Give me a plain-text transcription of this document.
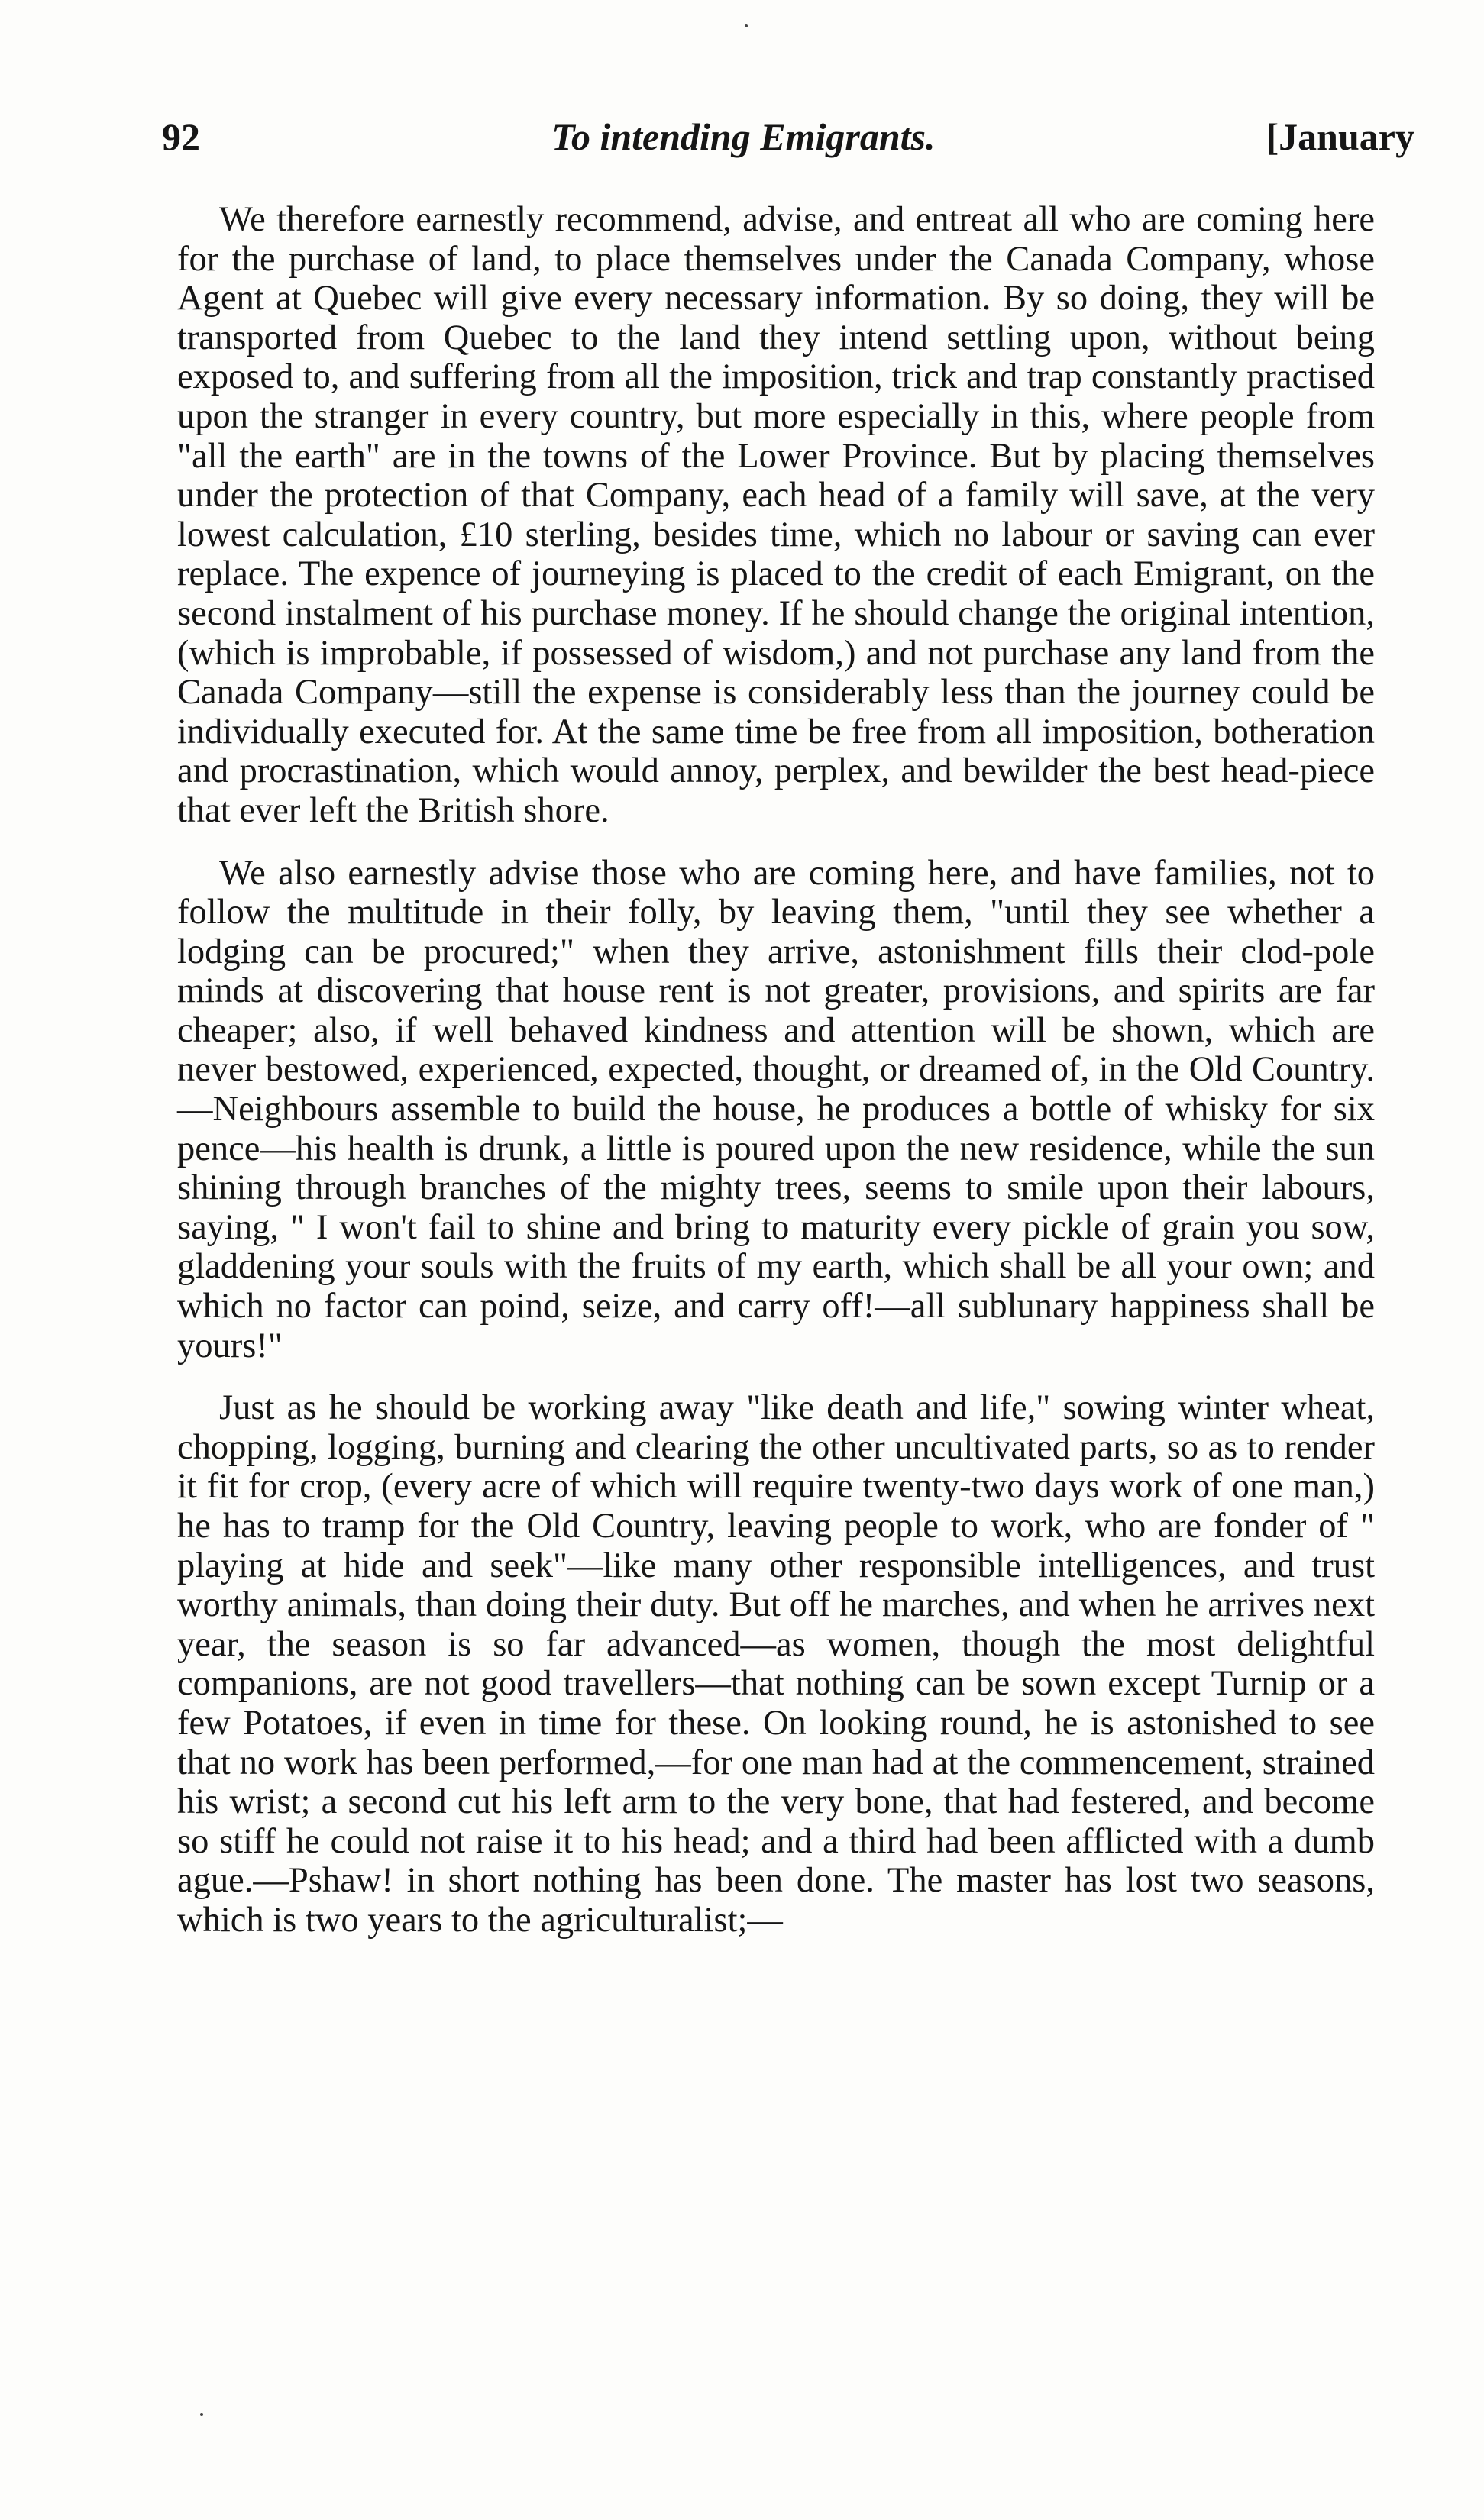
92	To intending Emigrants.	[January

We therefore earnestly recommend, advise, and entreat all who are coming here for the purchase of land, to place themselves under the Canada Company, whose Agent at Quebec will give every necessary information. By so doing, they will be transported from Quebec to the land they intend settling upon, without being exposed to, and suffering from all the imposition, trick and trap constantly practised upon the stranger in every country, but more especially in this, where people from "all the earth" are in the towns of the Lower Province. But by placing themselves under the protection of that Company, each head of a family will save, at the very lowest calculation, £10 sterling, besides time, which no labour or saving can ever replace. The expence of journeying is placed to the credit of each Emigrant, on the second instalment of his purchase money. If he should change the original intention, (which is improbable, if possessed of wisdom,) and not purchase any land from the Canada Company—still the expense is considerably less than the journey could be individually executed for. At the same time be free from all imposition, botheration and procrastination, which would annoy, perplex, and bewilder the best head-piece that ever left the British shore.

We also earnestly advise those who are coming here, and have families, not to follow the multitude in their folly, by leaving them, "until they see whether a lodging can be procured;" when they arrive, astonishment fills their clod-pole minds at discovering that house rent is not greater, provisions, and spirits are far cheaper; also, if well behaved kindness and attention will be shown, which are never bestowed, experienced, expected, thought, or dreamed of, in the Old Country.—Neighbours assemble to build the house, he produces a bottle of whisky for six pence—his health is drunk, a little is poured upon the new residence, while the sun shining through branches of the mighty trees, seems to smile upon their labours, saying, " I won't fail to shine and bring to maturity every pickle of grain you sow, gladdening your souls with the fruits of my earth, which shall be all your own; and which no factor can poind, seize, and carry off!—all sublunary happiness shall be yours!"

Just as he should be working away "like death and life," sowing winter wheat, chopping, logging, burning and clearing the other uncultivated parts, so as to render it fit for crop, (every acre of which will require twenty-two days work of one man,) he has to tramp for the Old Country, leaving people to work, who are fonder of " playing at hide and seek"—like many other responsible intelligences, and trust worthy animals, than doing their duty. But off he marches, and when he arrives next year, the season is so far advanced—as women, though the most delightful companions, are not good travellers—that nothing can be sown except Turnip or a few Potatoes, if even in time for these. On looking round, he is astonished to see that no work has been performed,—for one man had at the commencement, strained his wrist; a second cut his left arm to the very bone, that had festered, and become so stiff he could not raise it to his head; and a third had been afflicted with a dumb ague.—Pshaw! in short nothing has been done. The master has lost two seasons, which is two years to the agriculturalist;—
